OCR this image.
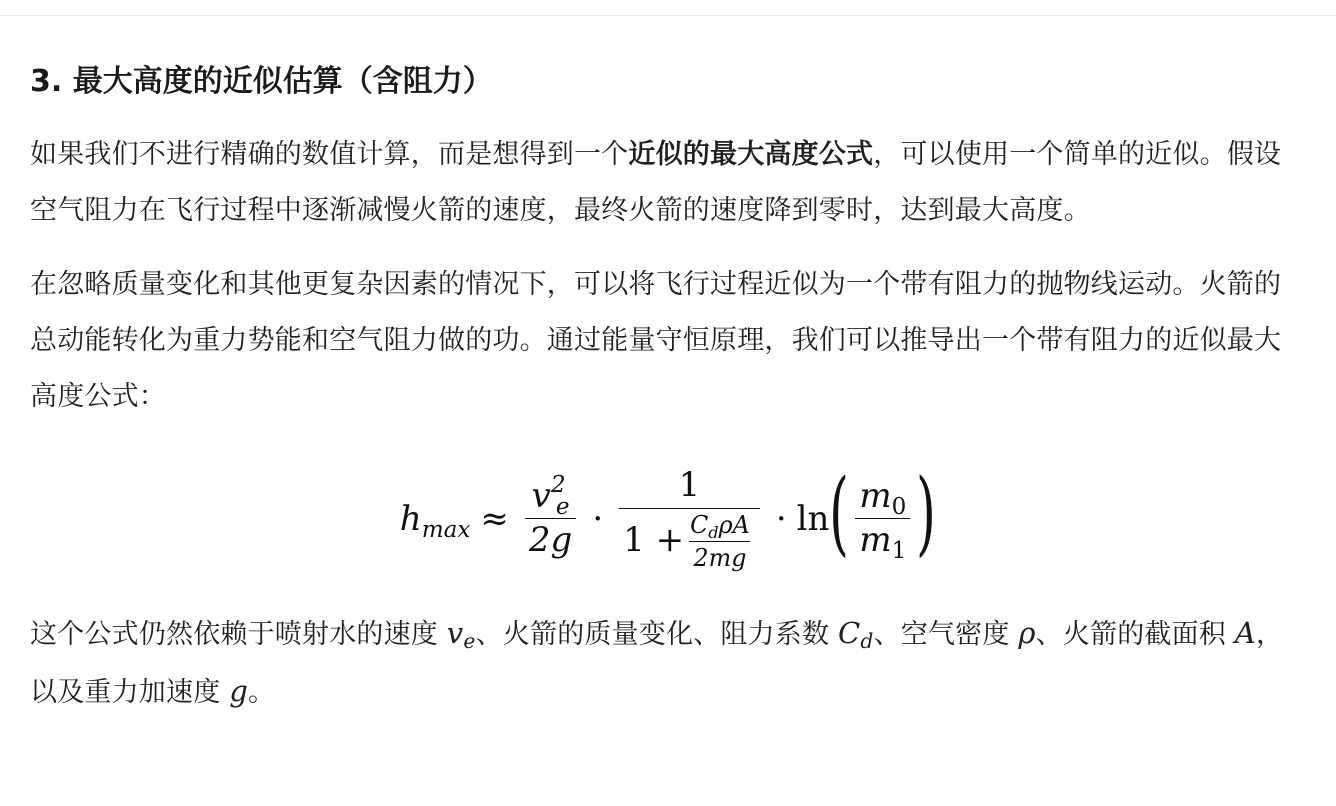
3. 最大高度的近似估算（含阻力）

如果我们不进行精确的数值计算，而是想得到一个近似的最大高度公式，可以使用一个简单的近似。假设空气阻力在飞行过程中逐渐减慢火箭的速度，最终火箭的速度降到零时，达到最大高度。

在忽略质量变化和其他更复杂因素的情况下，可以将飞行过程近似为一个带有阻力的抛物线运动。火箭的总动能转化为重力势能和空气阻力做的功。通过能量守恒原理，我们可以推导出一个带有阻力的近似最大高度公式：

$h_{max} \approx \frac{v^2_e}{2g} \cdot \frac{1}{1 + \frac{C_d\rho A}{2mg}} \cdot \ln$ ( $\frac{m_0}{m_1}$ )

这个公式仍然依赖于喷射水的速度 $v_e$、火箭的质量变化、阻力系数 $C_d$、空气密度 ρ、火箭的截面积 A，以及重力加速度 g。
